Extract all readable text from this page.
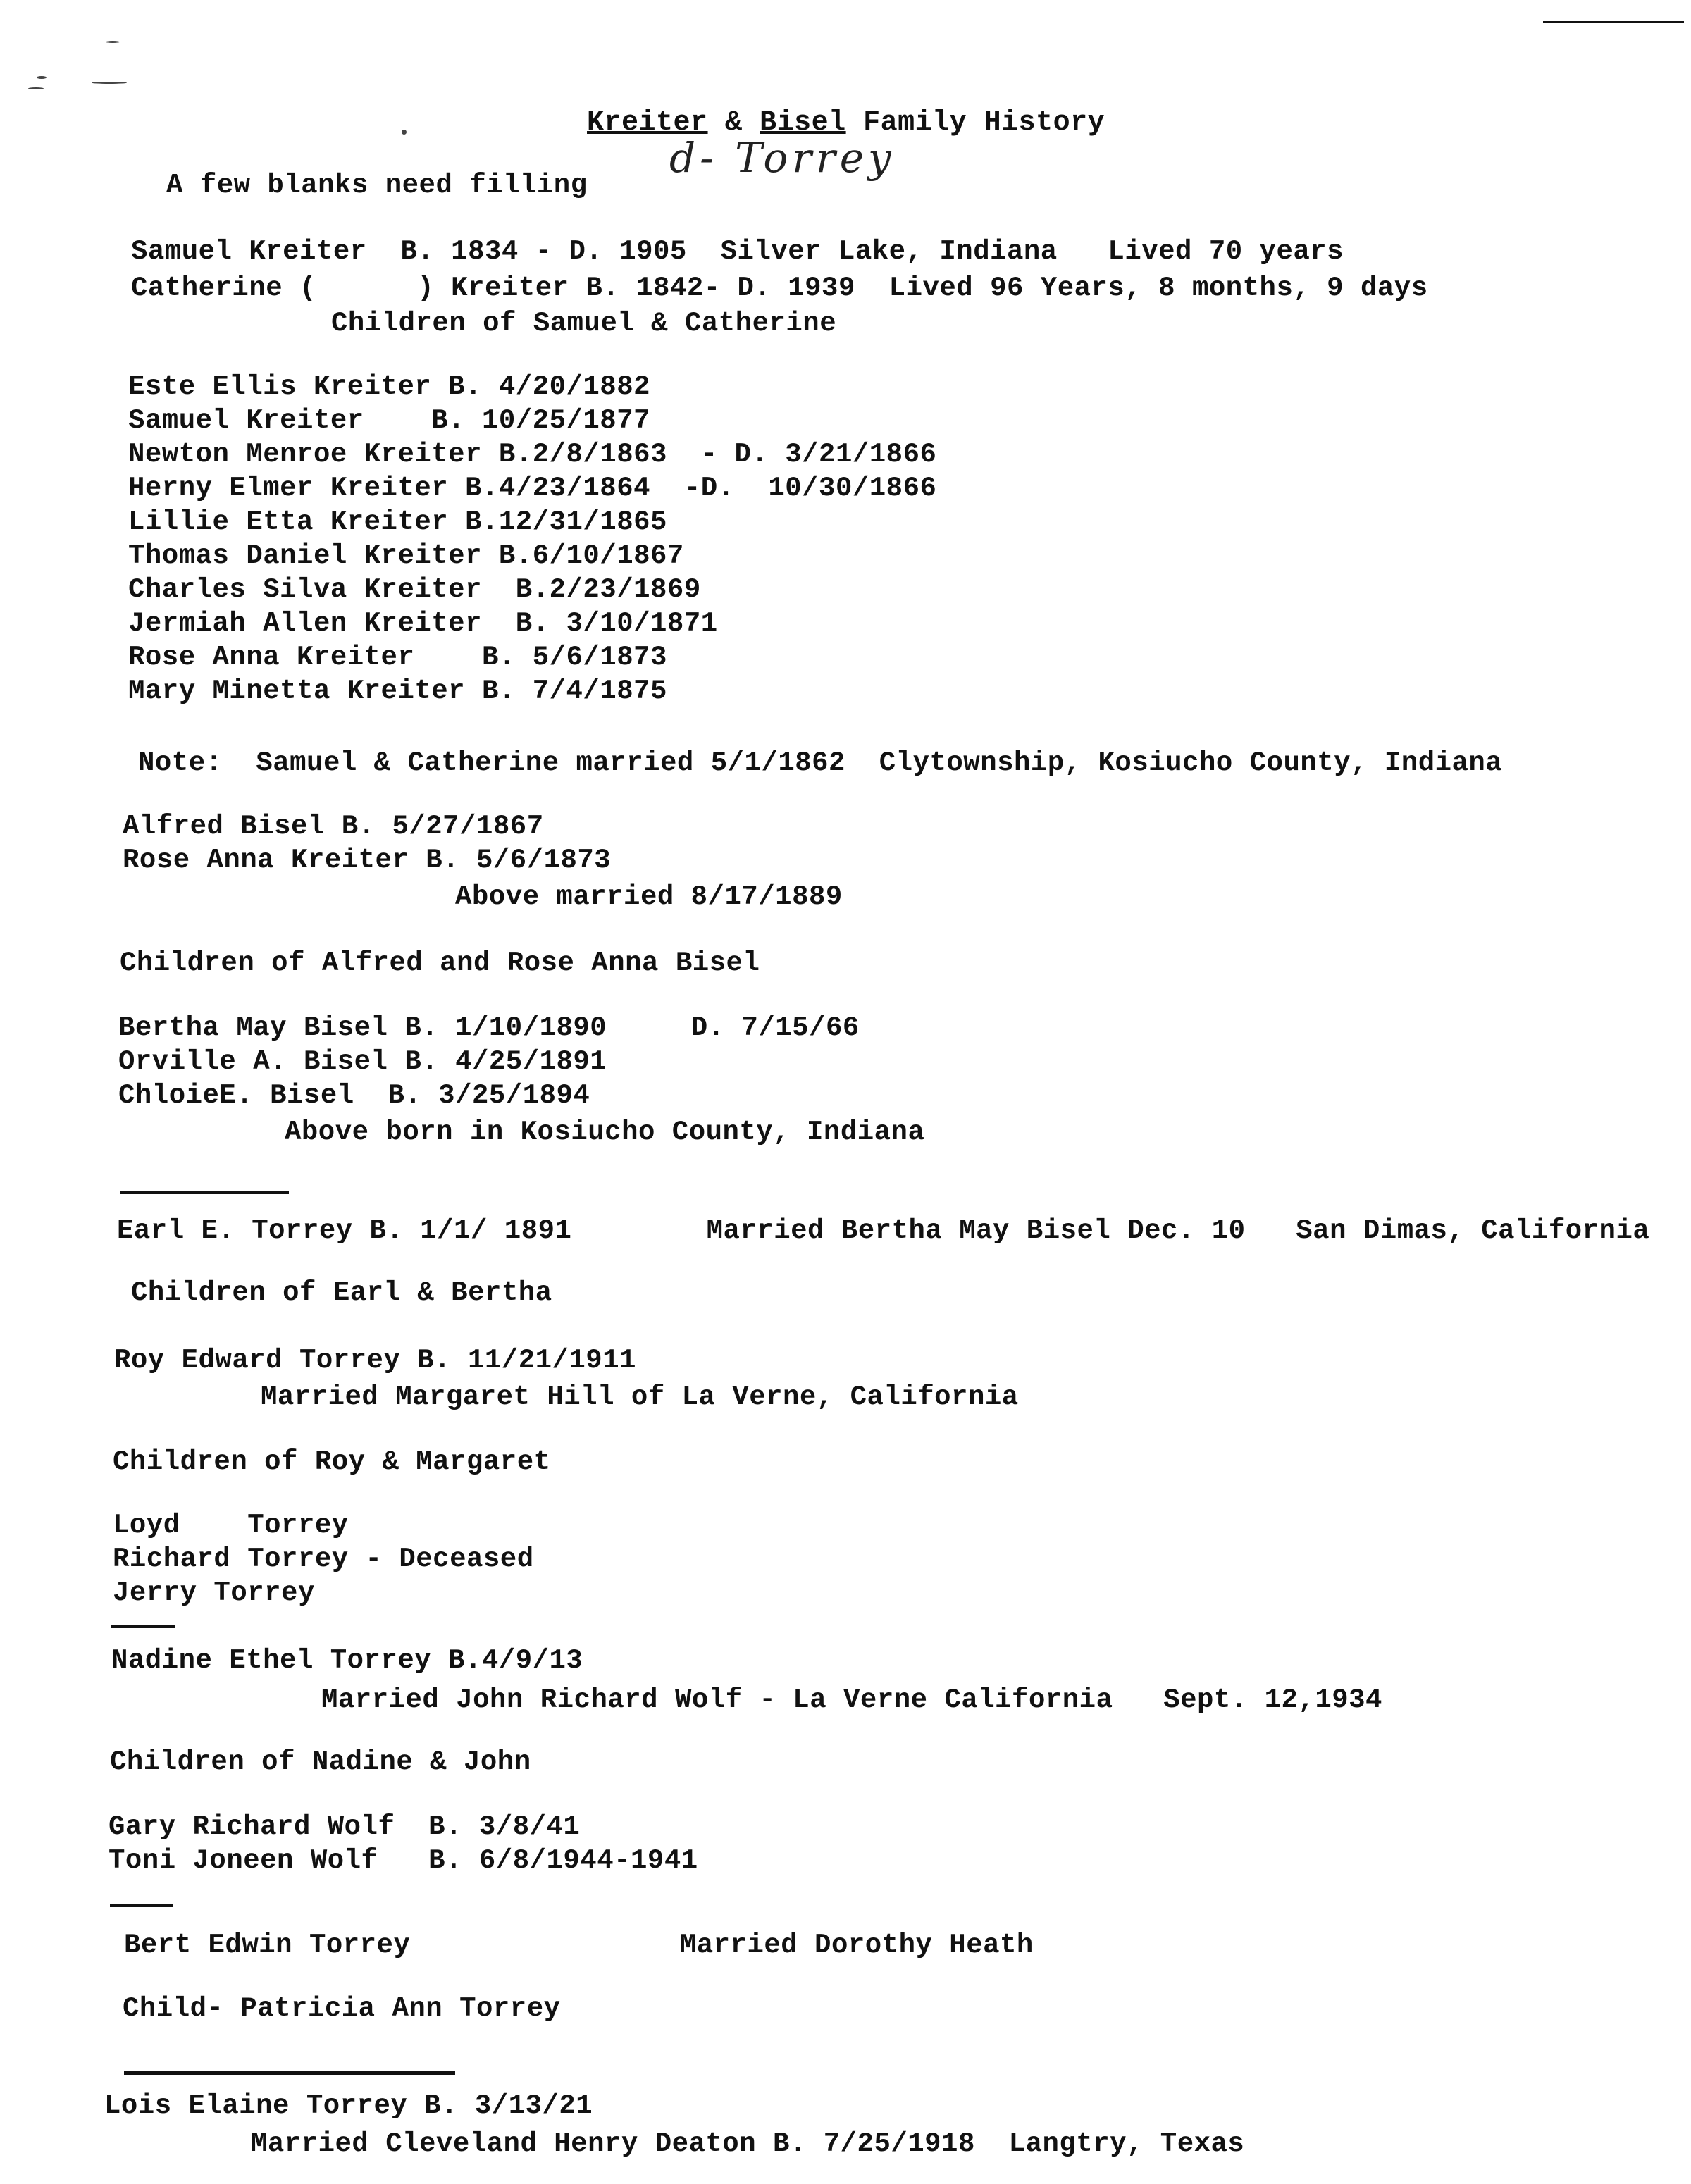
Kreiter & Bisel Family History

d- Torrey
A few blanks need filling
Samuel Kreiter  B. 1834 - D. 1905  Silver Lake, Indiana   Lived 70 years
Catherine (      ) Kreiter B. 1842- D. 1939  Lived 96 Years, 8 months, 9 days
Children of Samuel & Catherine
Este Ellis Kreiter B. 4/20/1882
Samuel Kreiter    B. 10/25/1877
Newton Menroe Kreiter B.2/8/1863  - D. 3/21/1866
Herny Elmer Kreiter B.4/23/1864  -D.  10/30/1866
Lillie Etta Kreiter B.12/31/1865
Thomas Daniel Kreiter B.6/10/1867
Charles Silva Kreiter  B.2/23/1869
Jermiah Allen Kreiter  B. 3/10/1871
Rose Anna Kreiter    B. 5/6/1873
Mary Minetta Kreiter B. 7/4/1875
Note:  Samuel & Catherine married 5/1/1862  Clytownship, Kosiucho County, Indiana
Alfred Bisel B. 5/27/1867
Rose Anna Kreiter B. 5/6/1873
Above married 8/17/1889
Children of Alfred and Rose Anna Bisel
Bertha May Bisel B. 1/10/1890     D. 7/15/66
Orville A. Bisel B. 4/25/1891
ChloieE. Bisel  B. 3/25/1894
Above born in Kosiucho County, Indiana
Earl E. Torrey B. 1/1/ 1891        Married Bertha May Bisel Dec. 10   San Dimas, California
Children of Earl & Bertha
Roy Edward Torrey B. 11/21/1911
Married Margaret Hill of La Verne, California
Children of Roy & Margaret
Loyd    Torrey
Richard Torrey - Deceased
Jerry Torrey
Nadine Ethel Torrey B.4/9/13
Married John Richard Wolf - La Verne California   Sept. 12,1934
Children of Nadine & John
Gary Richard Wolf  B. 3/8/41
Toni Joneen Wolf   B. 6/8/1944-1941
Bert Edwin Torrey                Married Dorothy Heath
Child- Patricia Ann Torrey
Lois Elaine Torrey B. 3/13/21
Married Cleveland Henry Deaton B. 7/25/1918  Langtry, Texas
